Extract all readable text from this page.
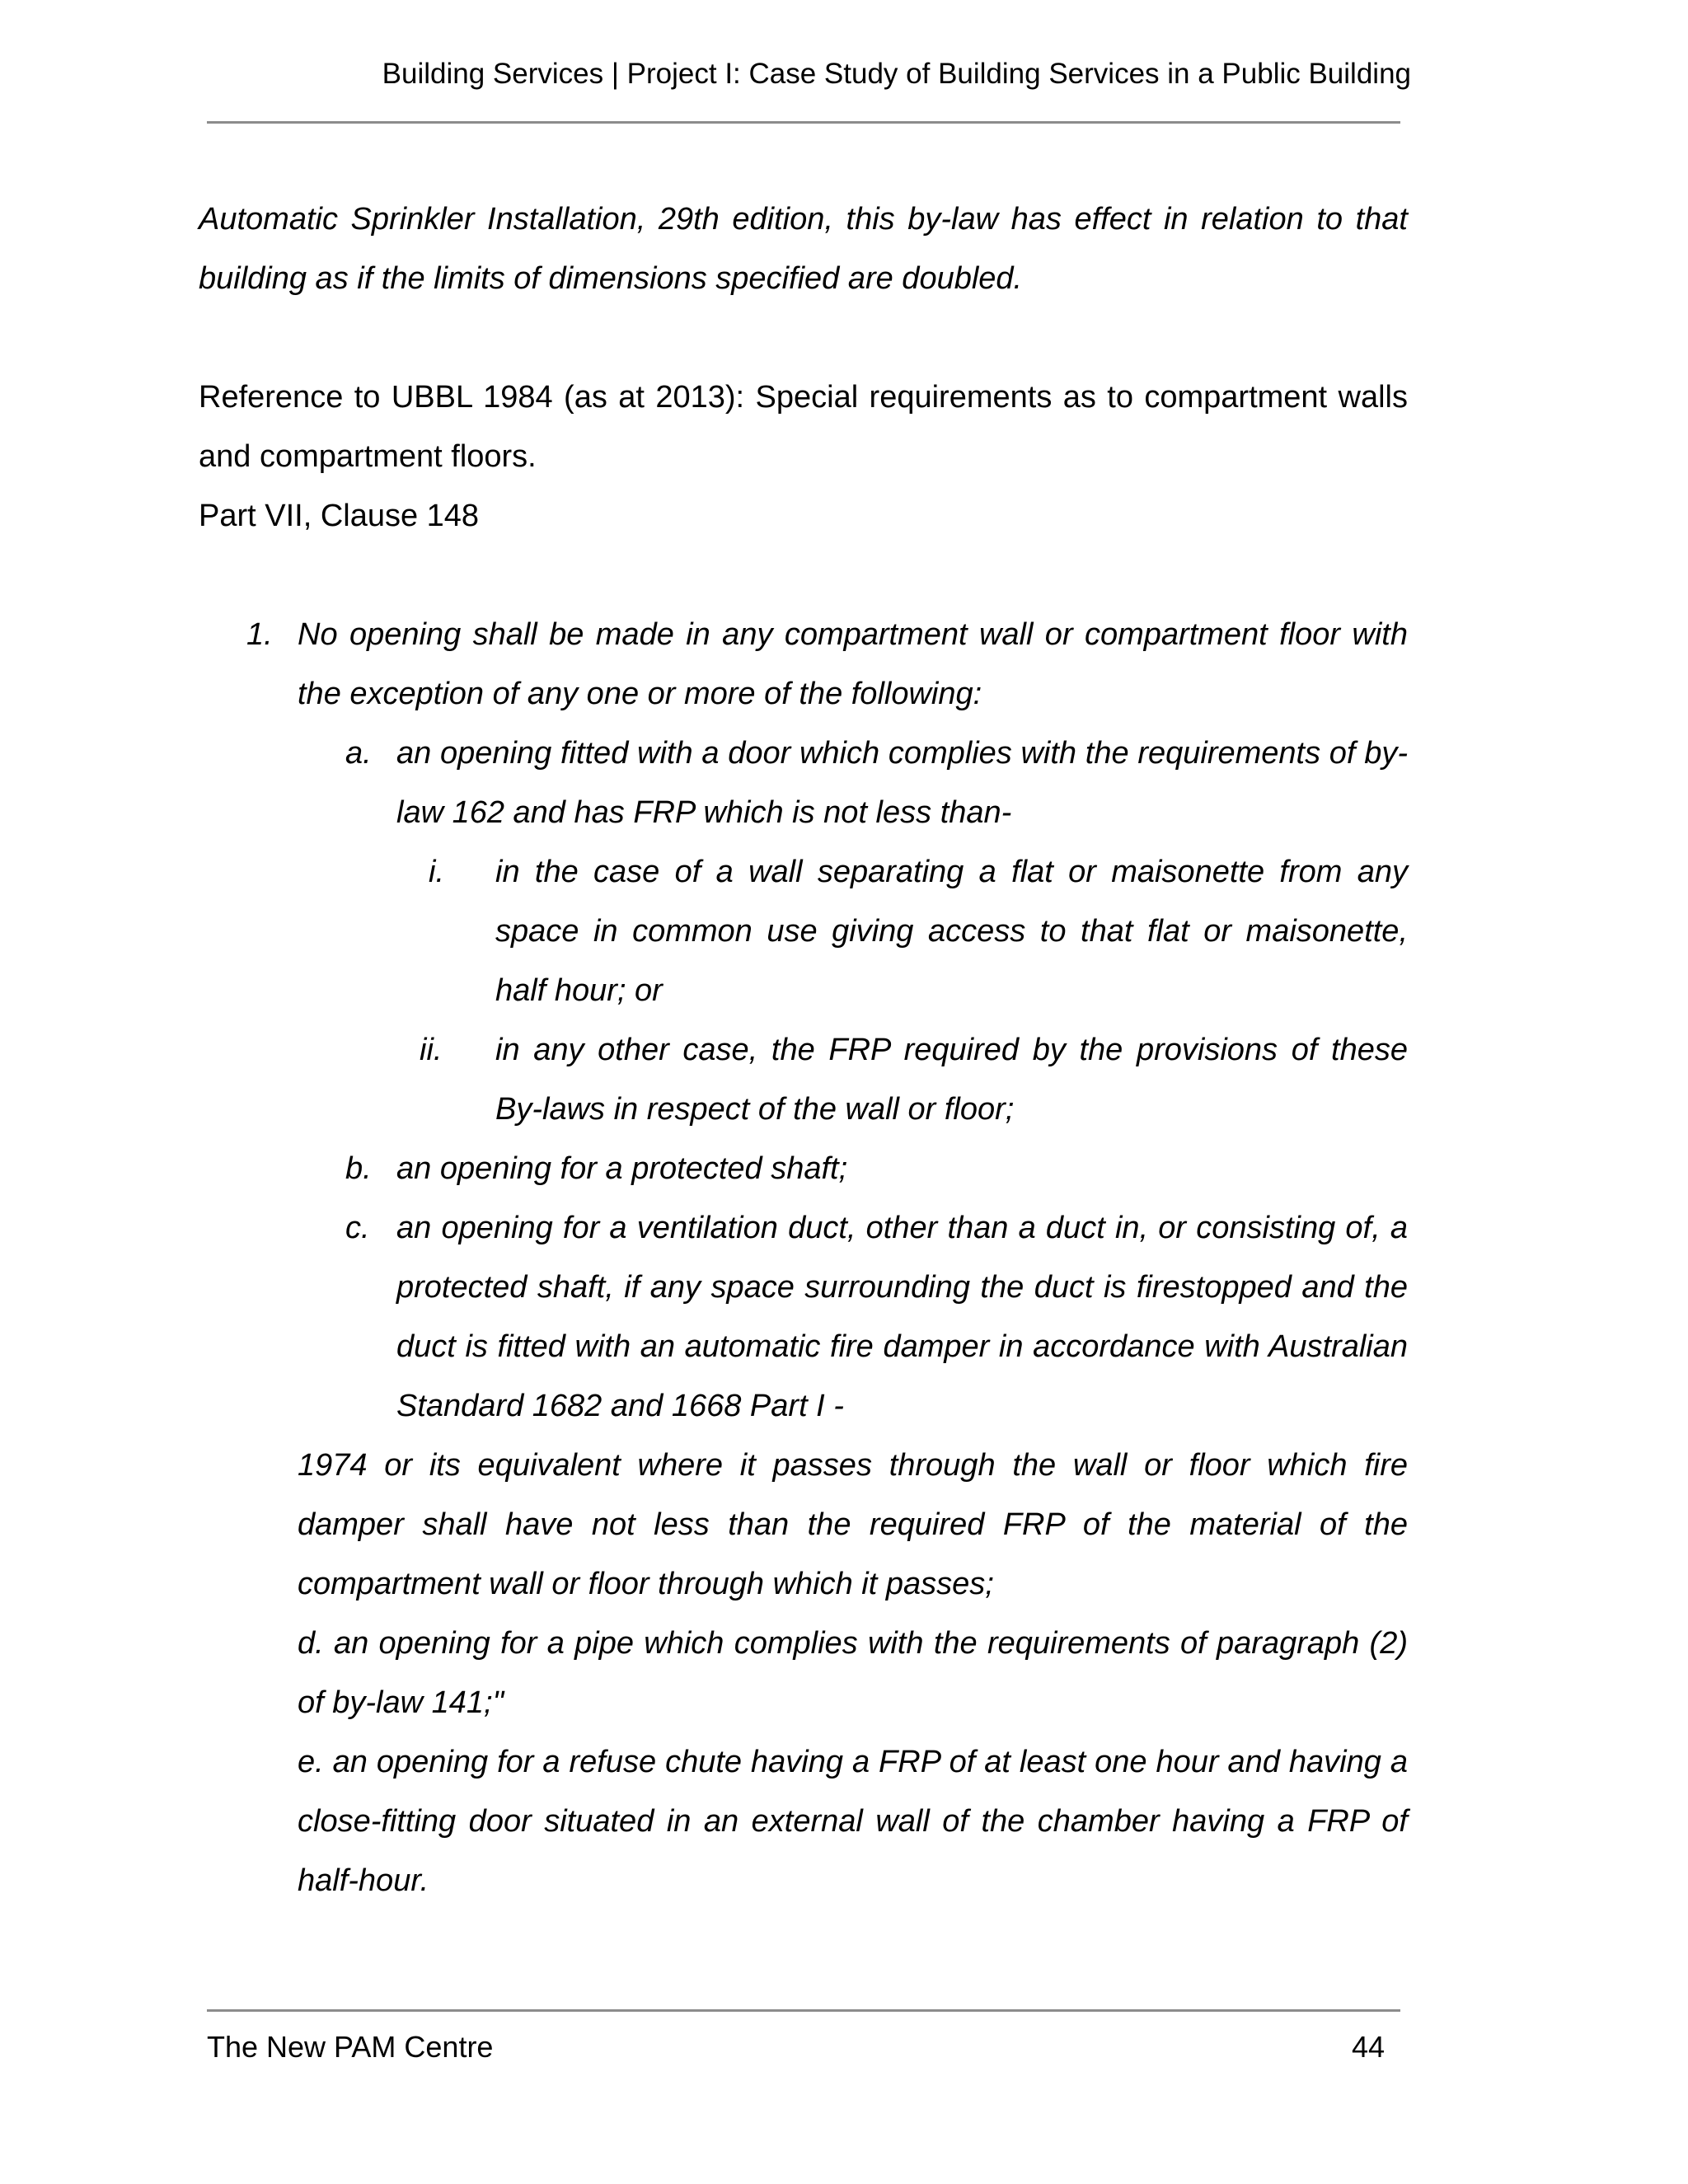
Building Services | Project I: Case Study of Building Services in a Public Building

Automatic Sprinkler Installation, 29th edition, this by-law has effect in relation to that building as if the limits of dimensions specified are doubled.

Reference to UBBL 1984 (as at 2013): Special requirements as to compartment walls and compartment floors.

Part VII, Clause 148

1. No opening shall be made in any compartment wall or compartment floor with the exception of any one or more of the following:
a. an opening fitted with a door which complies with the requirements of by-law 162 and has FRP which is not less than-
i. in the case of a wall separating a flat or maisonette from any space in common use giving access to that flat or maisonette, half hour; or
ii. in any other case, the FRP required by the provisions of these By-laws in respect of the wall or floor;
b. an opening for a protected shaft;
c. an opening for a ventilation duct, other than a duct in, or consisting of, a protected shaft, if any space surrounding the duct is firestopped and the duct is fitted with an automatic fire damper in accordance with Australian Standard 1682 and 1668 Part I -
1974 or its equivalent where it passes through the wall or floor which fire damper shall have not less than the required FRP of the material of the compartment wall or floor through which it passes;
d. an opening for a pipe which complies with the requirements of paragraph (2) of by-law 141;"
e. an opening for a refuse chute having a FRP of at least one hour and having a close-fitting door situated in an external wall of the chamber having a FRP of half-hour.
The New PAM Centre	44
